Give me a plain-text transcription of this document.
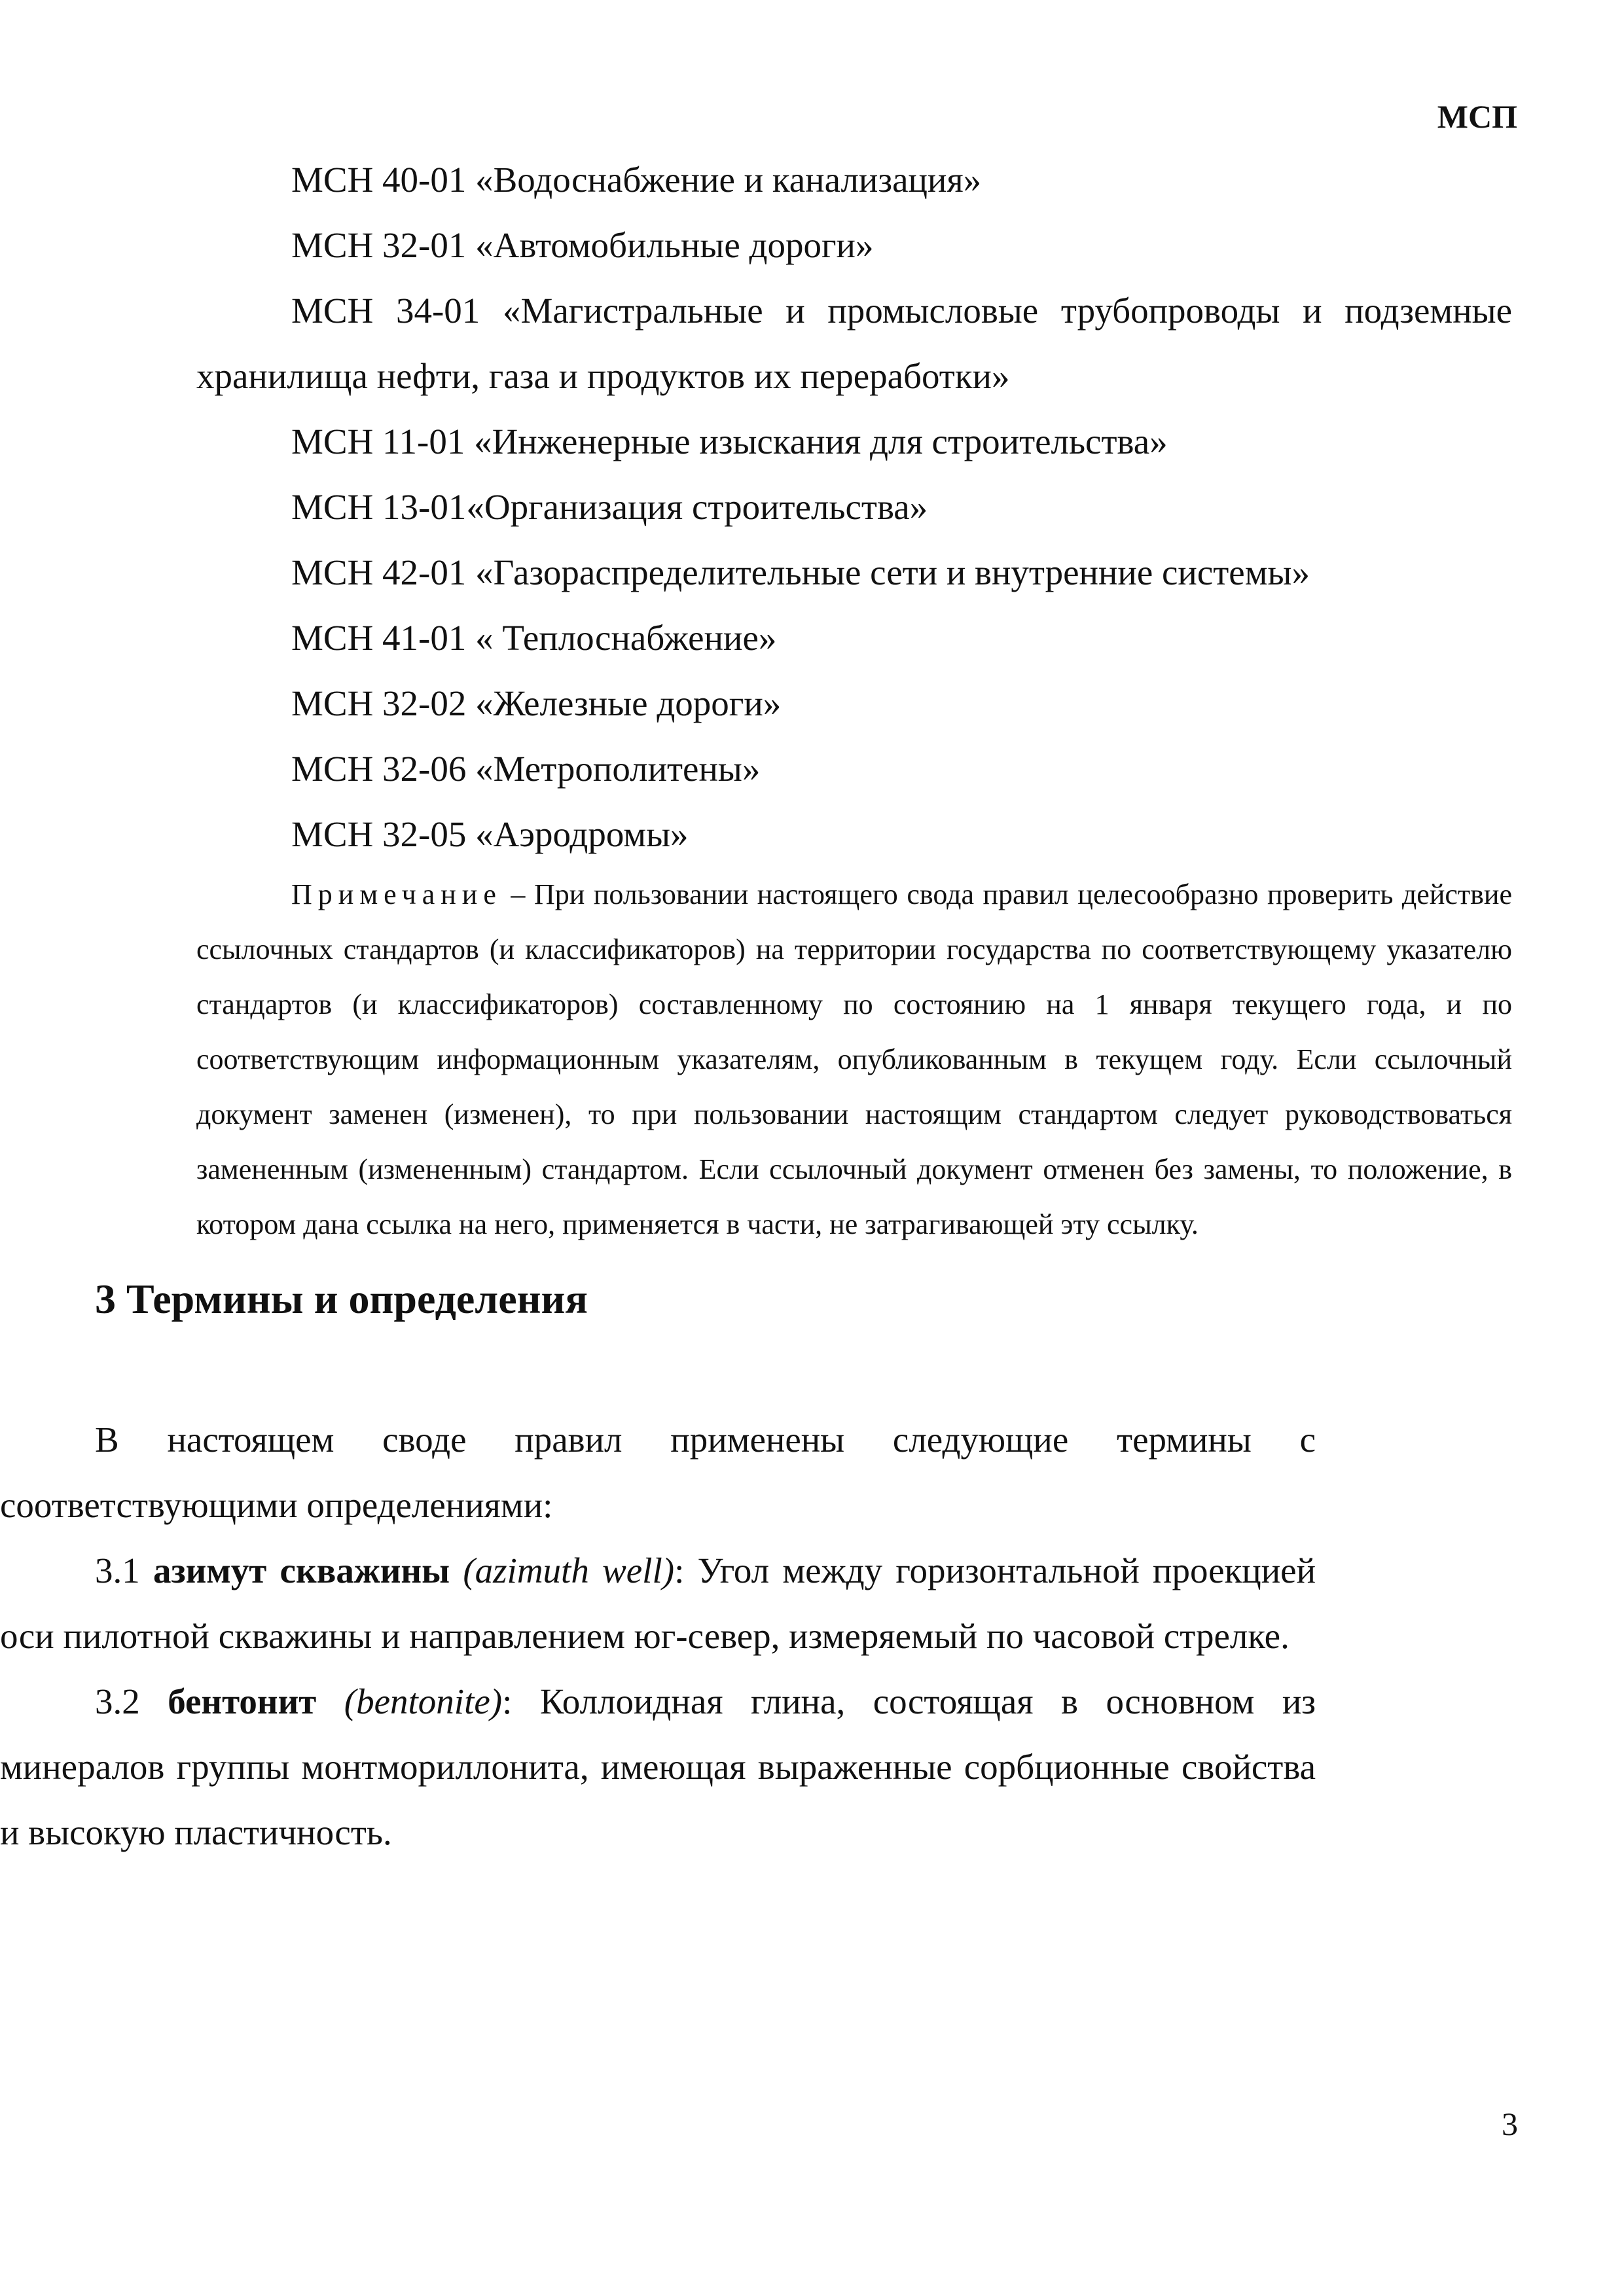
МСП

МСН 40-01 «Водоснабжение и канализация»

МСН 32-01 «Автомобильные дороги»

МСН 34-01 «Магистральные и промысловые трубопроводы и подземные хранилища нефти, газа и продуктов их переработки»

МСН 11-01 «Инженерные изыскания для строительства»

МСН 13-01«Организация строительства»

МСН 42-01 «Газораспределительные сети и внутренние системы»

МСН 41-01 « Теплоснабжение»

МСН 32-02 «Железные дороги»

МСН 32-06 «Метрополитены»

МСН 32-05 «Аэродромы»

Примечание – При пользовании настоящего свода правил целесообразно проверить действие ссылочных стандартов (и классификаторов) на территории государства по соответствующему указателю стандартов (и классификаторов) составленному по состоянию на 1 января текущего года, и по соответствующим информационным указателям, опубликованным в текущем году. Если ссылочный документ заменен (изменен), то при пользовании настоящим стандартом следует руководствоваться замененным (измененным) стандартом. Если ссылочный документ отменен без замены, то положение, в котором дана ссылка на него, применяется в части, не затрагивающей эту ссылку.

3 Термины и определения

В настоящем своде правил применены следующие термины с соответствующими определениями:

3.1 азимут скважины (azimuth well): Угол между горизонтальной проекцией оси пилотной скважины и направлением юг-север, измеряемый по часовой стрелке.

3.2 бентонит (bentonite): Коллоидная глина, состоящая в основном из минералов группы монтмориллонита, имеющая выраженные сорбционные свойства и высокую пластичность.

3
